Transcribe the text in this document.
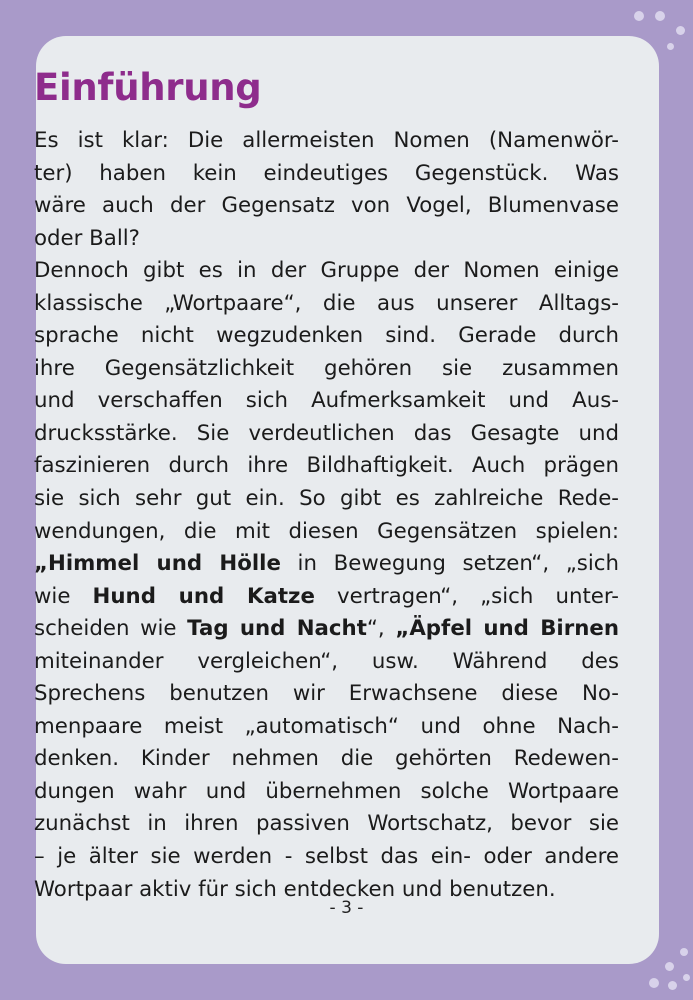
Einführung
Es ist klar: Die allermeisten Nomen (Namenwör-
ter) haben kein eindeutiges Gegenstück. Was
wäre auch der Gegensatz von Vogel, Blumenvase
oder Ball?
Dennoch gibt es in der Gruppe der Nomen einige
klassische „Wortpaare“, die aus unserer Alltags-
sprache nicht wegzudenken sind. Gerade durch
ihre Gegensätzlichkeit gehören sie zusammen
und verschaffen sich Aufmerksamkeit und Aus-
drucksstärke. Sie verdeutlichen das Gesagte und
faszinieren durch ihre Bildhaftigkeit. Auch prägen
sie sich sehr gut ein. So gibt es zahlreiche Rede-
wendungen, die mit diesen Gegensätzen spielen:
„Himmel und Hölle in Bewegung setzen“, „sich
wie Hund und Katze vertragen“, „sich unter-
scheiden wie Tag und Nacht“, „Äpfel und Birnen
miteinander vergleichen“, usw. Während des
Sprechens benutzen wir Erwachsene diese No-
menpaare meist „automatisch“ und ohne Nach-
denken. Kinder nehmen die gehörten Redewen-
dungen wahr und übernehmen solche Wortpaare
zunächst in ihren passiven Wortschatz, bevor sie
– je älter sie werden - selbst das ein- oder andere
Wortpaar aktiv für sich entdecken und benutzen.
- 3 -
